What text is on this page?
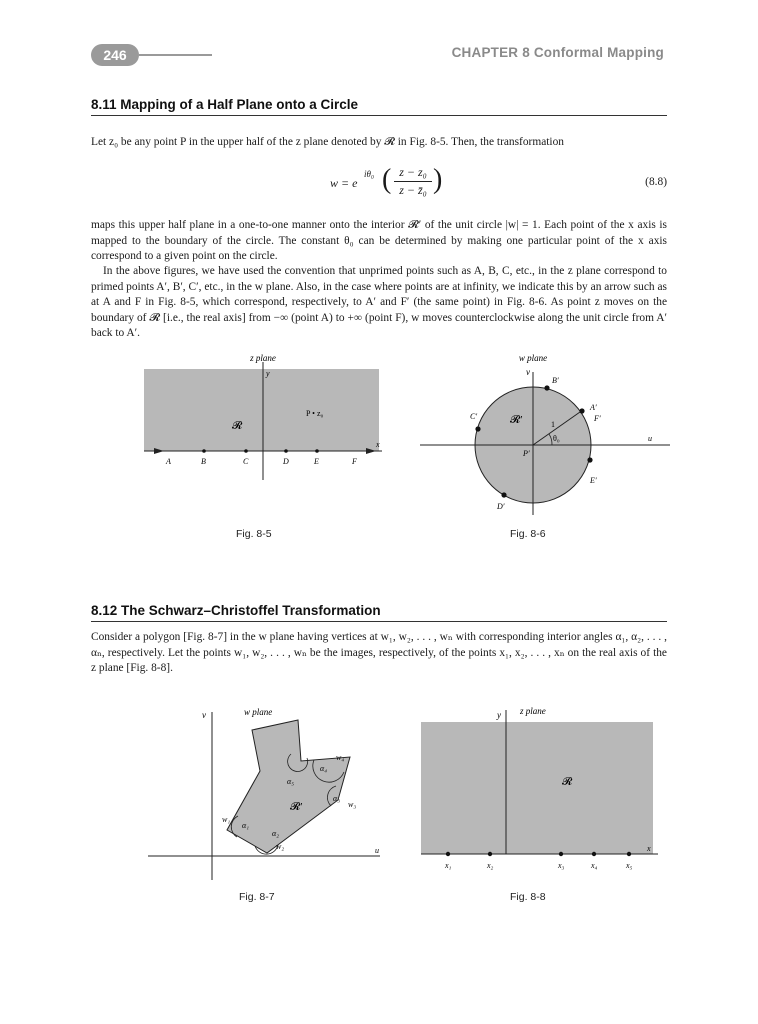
246	CHAPTER 8 Conformal Mapping
8.11 Mapping of a Half Plane onto a Circle
Let z₀ be any point P in the upper half of the z plane denoted by 𝓡 in Fig. 8-5. Then, the transformation
w = e
iθ₀ ( z − z₀
z − z̄₀ )	(8.8)
maps this upper half plane in a one-to-one manner onto the interior 𝓡′ of the unit circle |w| = 1. Each point of the x axis is mapped to the boundary of the circle. The constant θ₀ can be determined by making one particular point of the x axis correspond to a given point on the circle.
In the above figures, we have used the convention that unprimed points such as A, B, C, etc., in the z plane correspond to primed points A′, B′, C′, etc., in the w plane. Also, in the case where points are at infinity, we indicate this by an arrow such as at A and F in Fig. 8-5, which correspond, respectively, to A′ and F′ (the same point) in Fig. 8-6. As point z moves on the boundary of 𝓡 [i.e., the real axis] from −∞ (point A) to +∞ (point F), w moves counterclockwise along the unit circle from A′ back to A′.
z plane
y
x
𝓡
P • z₀
A	B	C	D	E	F
Fig. 8-5
w plane
v
u
𝓡′
B′
A′
F′
C′
P′
E′
D′
θ₀
1
Fig. 8-6
8.12 The Schwarz–Christoffel Transformation
Consider a polygon [Fig. 8-7] in the w plane having vertices at w₁, w₂, . . . , wₙ with corresponding interior angles α₁, α₂, . . . , αₙ, respectively. Let the points w₁, w₂, . . . , wₙ be the images, respectively, of the points x₁, x₂, . . . , xₙ on the real axis of the z plane [Fig. 8-8].
w plane
v
u
𝓡′
w₁
w₂
w₃
w₄
α₁
α₂
α₃
α₄
α₅
Fig. 8-7
z plane
y
x
𝓡
x₁	x₂	x₃	x₄	x₅
Fig. 8-8
